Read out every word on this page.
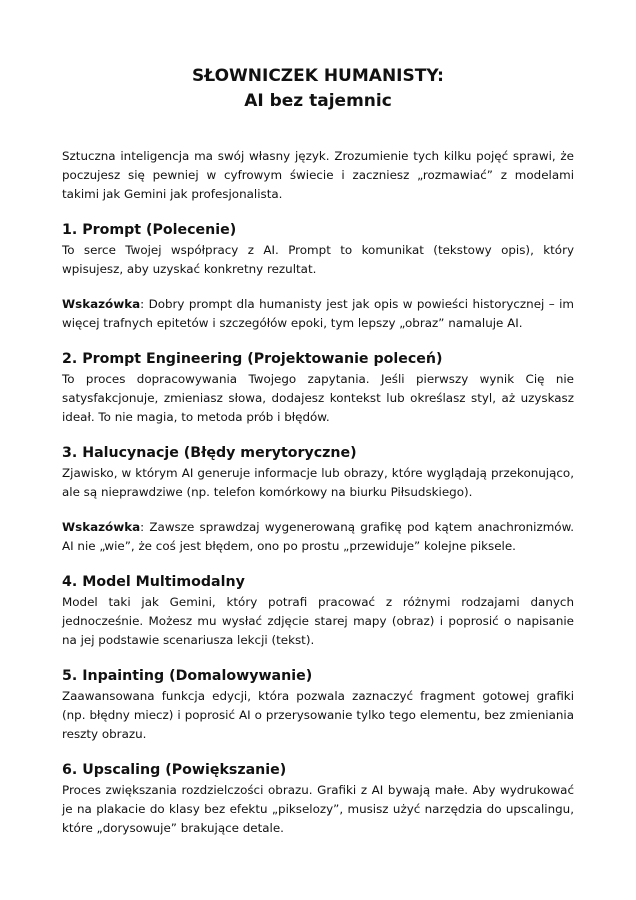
SŁOWNICZEK HUMANISTY:
AI bez tajemnic

Sztuczna inteligencja ma swój własny język. Zrozumienie tych kilku pojęć sprawi, że poczujesz się pewniej w cyfrowym świecie i zaczniesz „rozmawiać” z modelami takimi jak Gemini jak profesjonalista.

1. Prompt (Polecenie)

To serce Twojej współpracy z AI. Prompt to komunikat (tekstowy opis), który wpisujesz, aby uzyskać konkretny rezultat.

Wskazówka: Dobry prompt dla humanisty jest jak opis w powieści historycznej – im więcej trafnych epitetów i szczegółów epoki, tym lepszy „obraz” namaluje AI.

2. Prompt Engineering (Projektowanie poleceń)

To proces dopracowywania Twojego zapytania. Jeśli pierwszy wynik Cię nie satysfakcjonuje, zmieniasz słowa, dodajesz kontekst lub określasz styl, aż uzyskasz ideał. To nie magia, to metoda prób i błędów.

3. Halucynacje (Błędy merytoryczne)

Zjawisko, w którym AI generuje informacje lub obrazy, które wyglądają przekonująco, ale są nieprawdziwe (np. telefon komórkowy na biurku Piłsudskiego).

Wskazówka: Zawsze sprawdzaj wygenerowaną grafikę pod kątem anachronizmów. AI nie „wie”, że coś jest błędem, ono po prostu „przewiduje” kolejne piksele.

4. Model Multimodalny

Model taki jak Gemini, który potrafi pracować z różnymi rodzajami danych jednocześnie. Możesz mu wysłać zdjęcie starej mapy (obraz) i poprosić o napisanie na jej podstawie scenariusza lekcji (tekst).

5. Inpainting (Domalowywanie)

Zaawansowana funkcja edycji, która pozwala zaznaczyć fragment gotowej grafiki (np. błędny miecz) i poprosić AI o przerysowanie tylko tego elementu, bez zmieniania reszty obrazu.

6. Upscaling (Powiększanie)

Proces zwiększania rozdzielczości obrazu. Grafiki z AI bywają małe. Aby wydrukować je na plakacie do klasy bez efektu „pikselozy”, musisz użyć narzędzia do upscalingu, które „dorysowuje” brakujące detale.
